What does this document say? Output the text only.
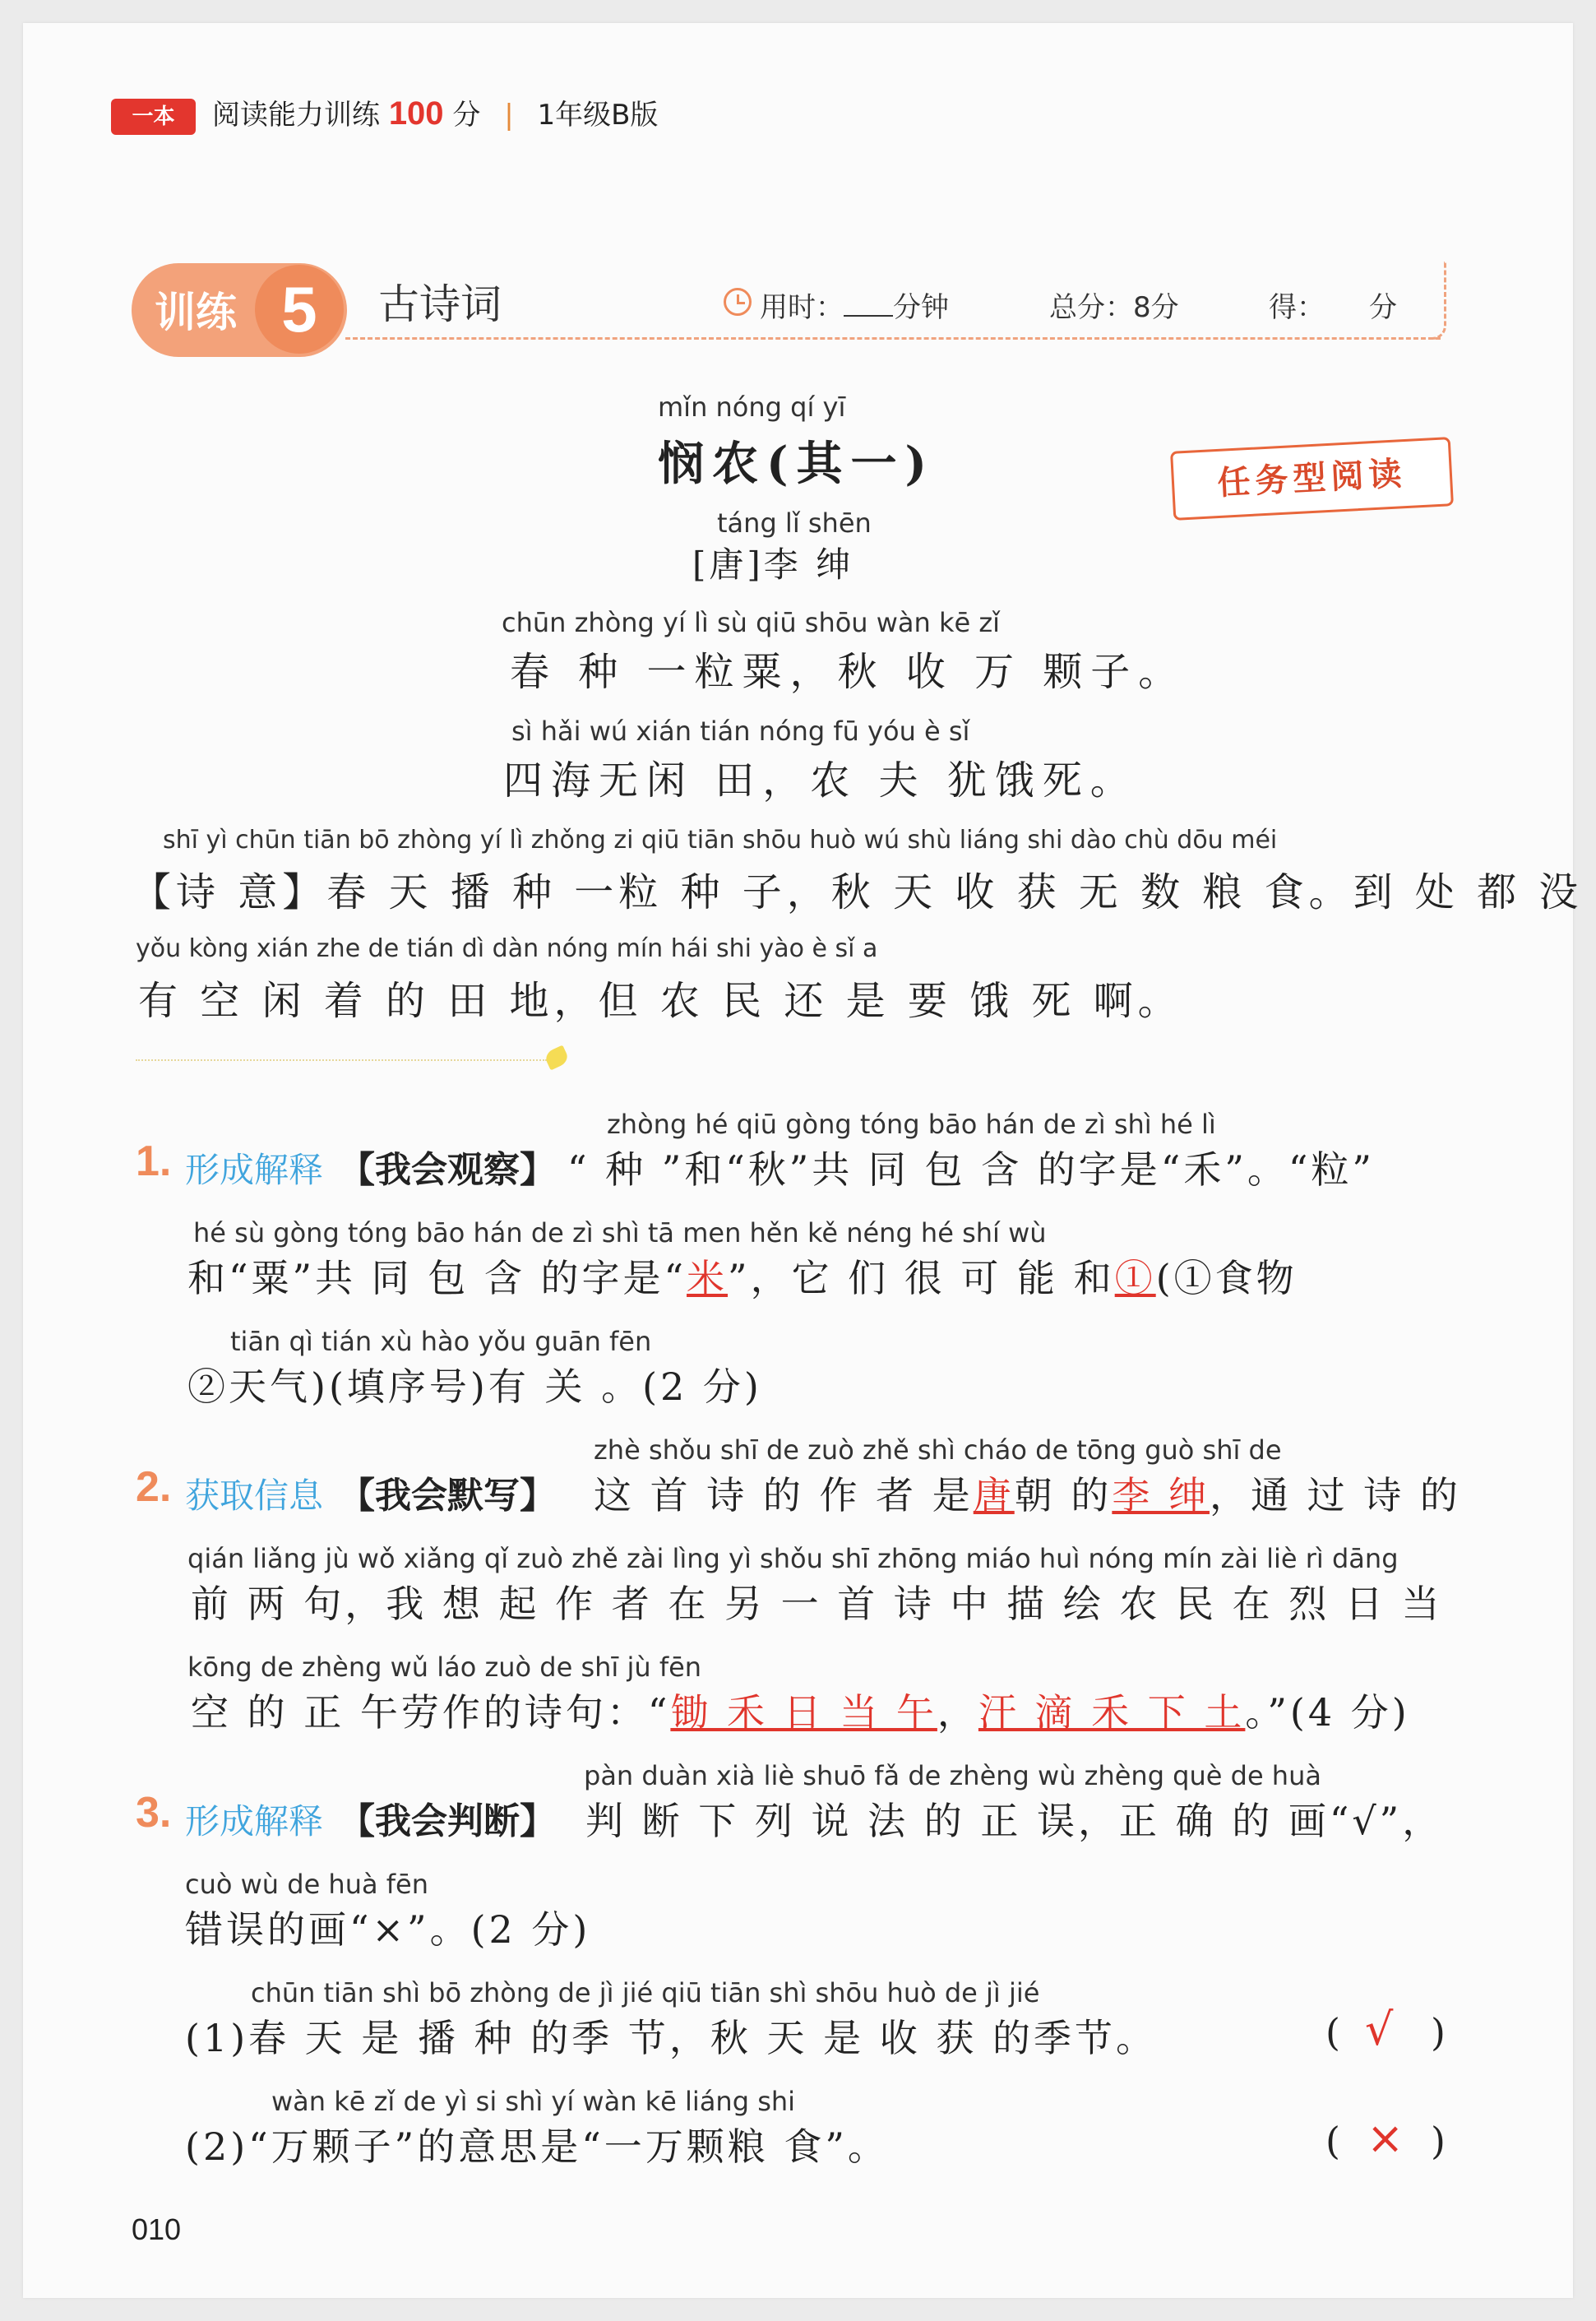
一本	阅读能力训练 100 分 | 1年级B版
训练 5	古诗词	用时： 分钟	总分：8分	得： 分
任务型阅读
mǐn nóng qí yī
悯农(其一)
táng lǐ shēn
[唐]李 绅
chūn zhòng yí lì sù qiū shōu wàn kē zǐ
春 种 一粒粟，秋 收 万 颗子。
sì hǎi wú xián tián nóng fū yóu è sǐ
四海无闲 田，农 夫 犹饿死。
shī yì chūn tiān bō zhòng yí lì zhǒng zi qiū tiān shōu huò wú shù liáng shi dào chù dōu méi
【诗 意】春 天 播 种 一粒 种 子，秋 天 收 获 无 数 粮 食。到 处 都 没
yǒu kòng xián zhe de tián dì dàn nóng mín hái shi yào è sǐ a
有 空 闲 着 的 田 地，但 农 民 还 是 要 饿 死 啊。
1. 形成解释 【我会观察】
zhòng hé qiū gòng tóng bāo hán de zì shì hé lì
“ 种 ”和“秋”共 同 包 含 的字是“禾”。“粒”
hé sù gòng tóng bāo hán de zì shì tā men hěn kě néng hé shí wù
和“粟”共 同 包 含 的字是“米”，它 们 很 可 能 和①(①食物
tiān qì tián xù hào yǒu guān fēn
②天气)(填序号)有 关 。(2 分)
2. 获取信息 【我会默写】
zhè shǒu shī de zuò zhě shì cháo de tōng guò shī de
这 首 诗 的 作 者 是唐朝 的李 绅，通 过 诗 的
qián liǎng jù wǒ xiǎng qǐ zuò zhě zài lìng yì shǒu shī zhōng miáo huì nóng mín zài liè rì dāng
前 两 句，我 想 起 作 者 在 另 一 首 诗 中 描 绘 农 民 在 烈 日 当
kōng de zhèng wǔ láo zuò de shī jù fēn
空 的 正 午劳作的诗句：“锄 禾 日 当 午，汗 滴 禾 下 土。”(4 分)
3. 形成解释 【我会判断】
pàn duàn xià liè shuō fǎ de zhèng wù zhèng què de huà
判 断 下 列 说 法 的 正 误，正 确 的 画“√”，
cuò wù de huà fēn
错误的画“×”。(2 分)
chūn tiān shì bō zhòng de jì jié qiū tiān shì shōu huò de jì jié
(1)春 天 是 播 种 的季 节，秋 天 是 收 获 的季节。	( √ )
wàn kē zǐ de yì si shì yí wàn kē liáng shi
(2)“万颗子”的意思是“一万颗粮 食”。	( × )
010
